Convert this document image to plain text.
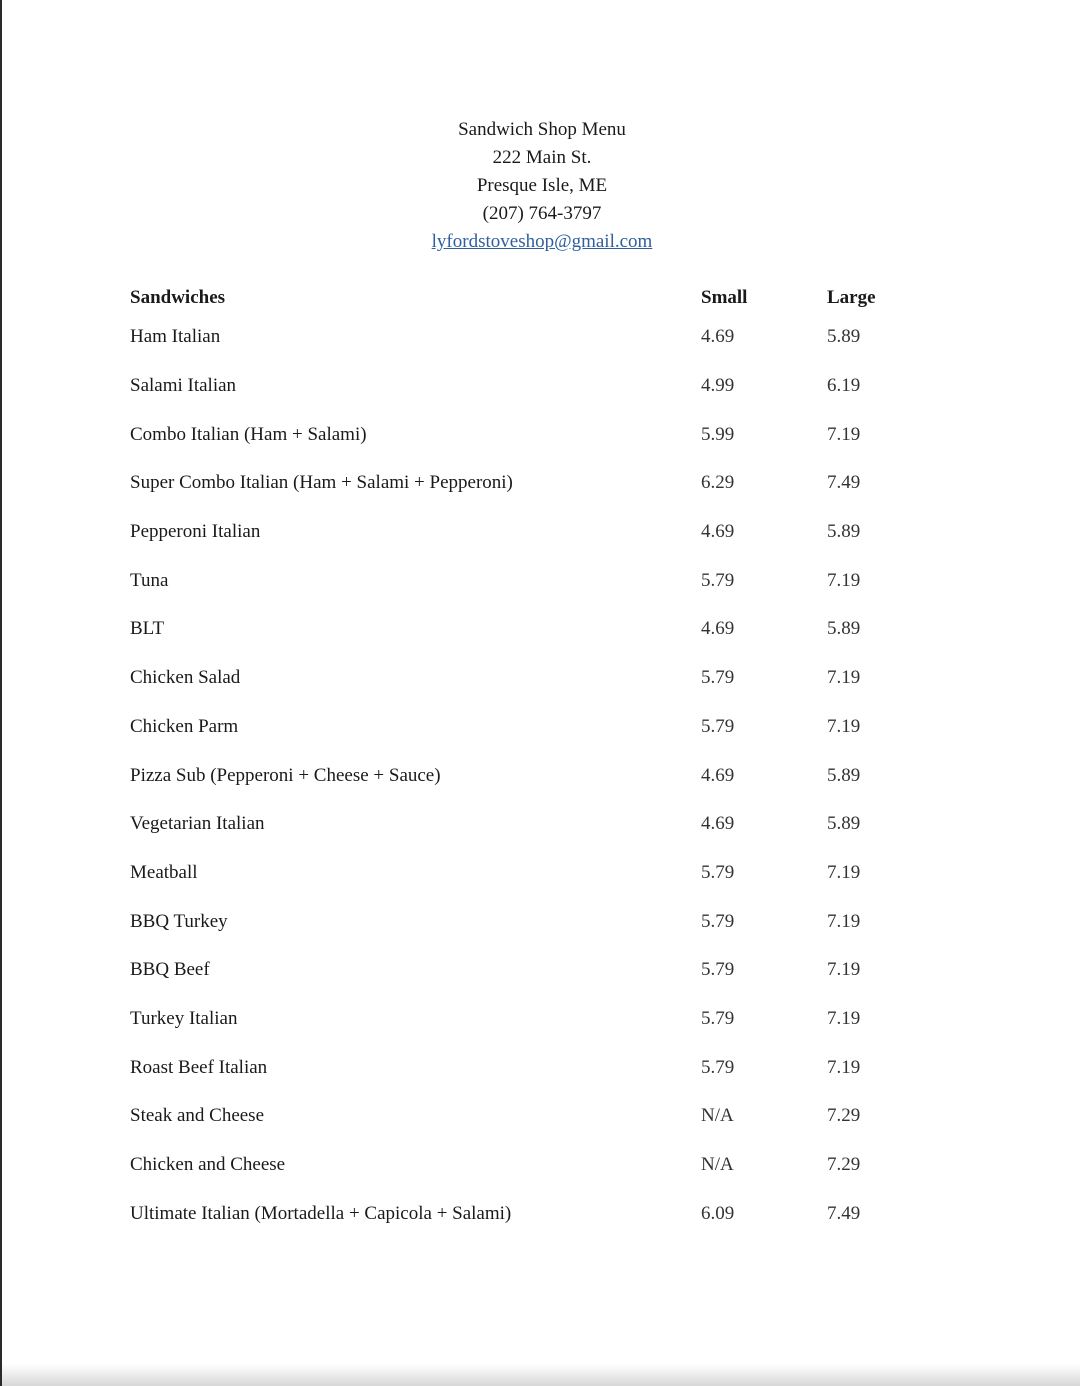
Sandwich Shop Menu
222 Main St.
Presque Isle, ME
(207) 764-3797
lyfordstoveshop@gmail.com
Sandwiches	Small	Large
Ham Italian	4.69	5.89
Salami Italian	4.99	6.19
Combo Italian (Ham + Salami)	5.99	7.19
Super Combo Italian (Ham + Salami + Pepperoni)	6.29	7.49
Pepperoni Italian	4.69	5.89
Tuna	5.79	7.19
BLT	4.69	5.89
Chicken Salad	5.79	7.19
Chicken Parm	5.79	7.19
Pizza Sub (Pepperoni + Cheese + Sauce)	4.69	5.89
Vegetarian Italian	4.69	5.89
Meatball	5.79	7.19
BBQ Turkey	5.79	7.19
BBQ Beef	5.79	7.19
Turkey Italian	5.79	7.19
Roast Beef Italian	5.79	7.19
Steak and Cheese	N/A	7.29
Chicken and Cheese	N/A	7.29
Ultimate Italian (Mortadella + Capicola + Salami)	6.09	7.49
